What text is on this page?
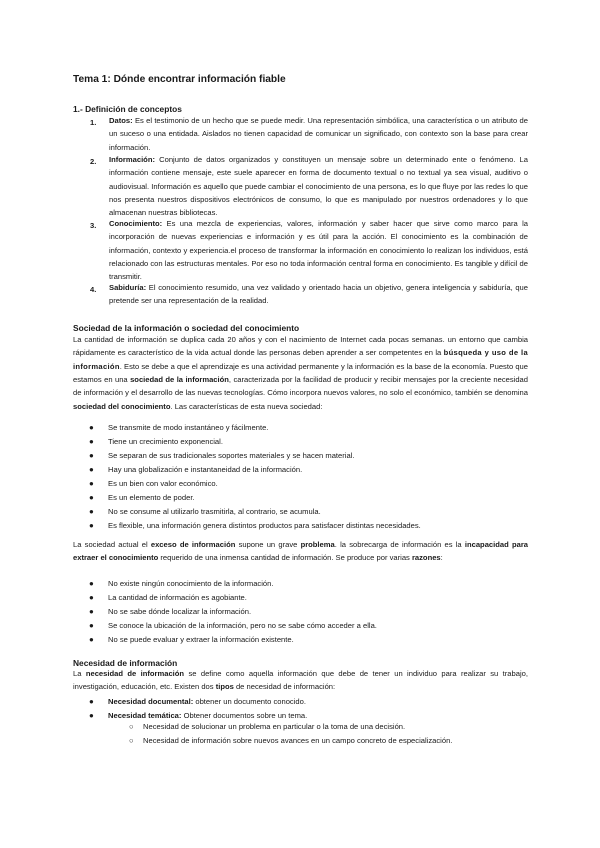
Tema 1: Dónde encontrar información fiable
1.- Definición de conceptos
1. Datos: Es el testimonio de un hecho que se puede medir. Una representación simbólica, una característica o un atributo de un suceso o una entidada. Aislados no tienen capacidad de comunicar un significado, con contexto son la base para crear información.
2. Información: Conjunto de datos organizados y constituyen un mensaje sobre un determinado ente o fenómeno. La información contiene mensaje, este suele aparecer en forma de documento textual o no textual ya sea visual, auditivo o audiovisual. Información es aquello que puede cambiar el conocimiento de una persona, es lo que fluye por las redes lo que nos presenta nuestros dispositivos electrónicos de consumo, lo que es manipulado por nuestros ordenadores y lo que almacenan nuestras bibliotecas.
3. Conocimiento: Es una mezcla de experiencias, valores, información y saber hacer que sirve como marco para la incorporación de nuevas experiencias e información y es útil para la acción. El conocimiento es la combinación de información, contexto y experiencia.el proceso de transformar la información en conocimiento lo realizan los individuos, está relacionado con las estructuras mentales. Por eso no toda información central forma en conocimiento. Es tangible y difícil de transmitir.
4. Sabiduría: El conocimiento resumido, una vez validado y orientado hacia un objetivo, genera inteligencia y sabiduría, que pretende ser una representación de la realidad.
Sociedad de la información o sociedad del conocimiento
La cantidad de información se duplica cada 20 años y con el nacimiento de Internet cada pocas semanas. un entorno que cambia rápidamente es característico de la vida actual donde las personas deben aprender a ser competentes en la búsqueda y uso de la información. Esto se debe a que el aprendizaje es una actividad permanente y la información es la base de la economía. Puesto que estamos en una sociedad de la información, caracterizada por la facilidad de producir y recibir mensajes por la creciente necesidad de información y el desarrollo de las nuevas tecnologías. Cómo incorpora nuevos valores, no solo el económico, también se denomina sociedad del conocimiento. Las características de esta nueva sociedad:
● Se transmite de modo instantáneo y fácilmente.
● Tiene un crecimiento exponencial.
● Se separan de sus tradicionales soportes materiales y se hacen material.
● Hay una globalización e instantaneidad de la información.
● Es un bien con valor económico.
● Es un elemento de poder.
● No se consume al utilizarlo trasmitirla, al contrario, se acumula.
● Es flexible, una información genera distintos productos para satisfacer distintas necesidades.
La sociedad actual el exceso de información supone un grave problema. la sobrecarga de información es la incapacidad para extraer el conocimiento requerido de una inmensa cantidad de información. Se produce por varias razones:
● No existe ningún conocimiento de la información.
● La cantidad de información es agobiante.
● No se sabe dónde localizar la información.
● Se conoce la ubicación de la información, pero no se sabe cómo acceder a ella.
● No se puede evaluar y extraer la información existente.
Necesidad de información
La necesidad de información se define como aquella información que debe de tener un individuo para realizar su trabajo, investigación, educación, etc. Existen dos tipos de necesidad de información:
● Necesidad documental: obtener un documento conocido.
● Necesidad temática: Obtener documentos sobre un tema.
○ Necesidad de solucionar un problema en particular o la toma de una decisión.
○ Necesidad de información sobre nuevos avances en un campo concreto de especialización.
